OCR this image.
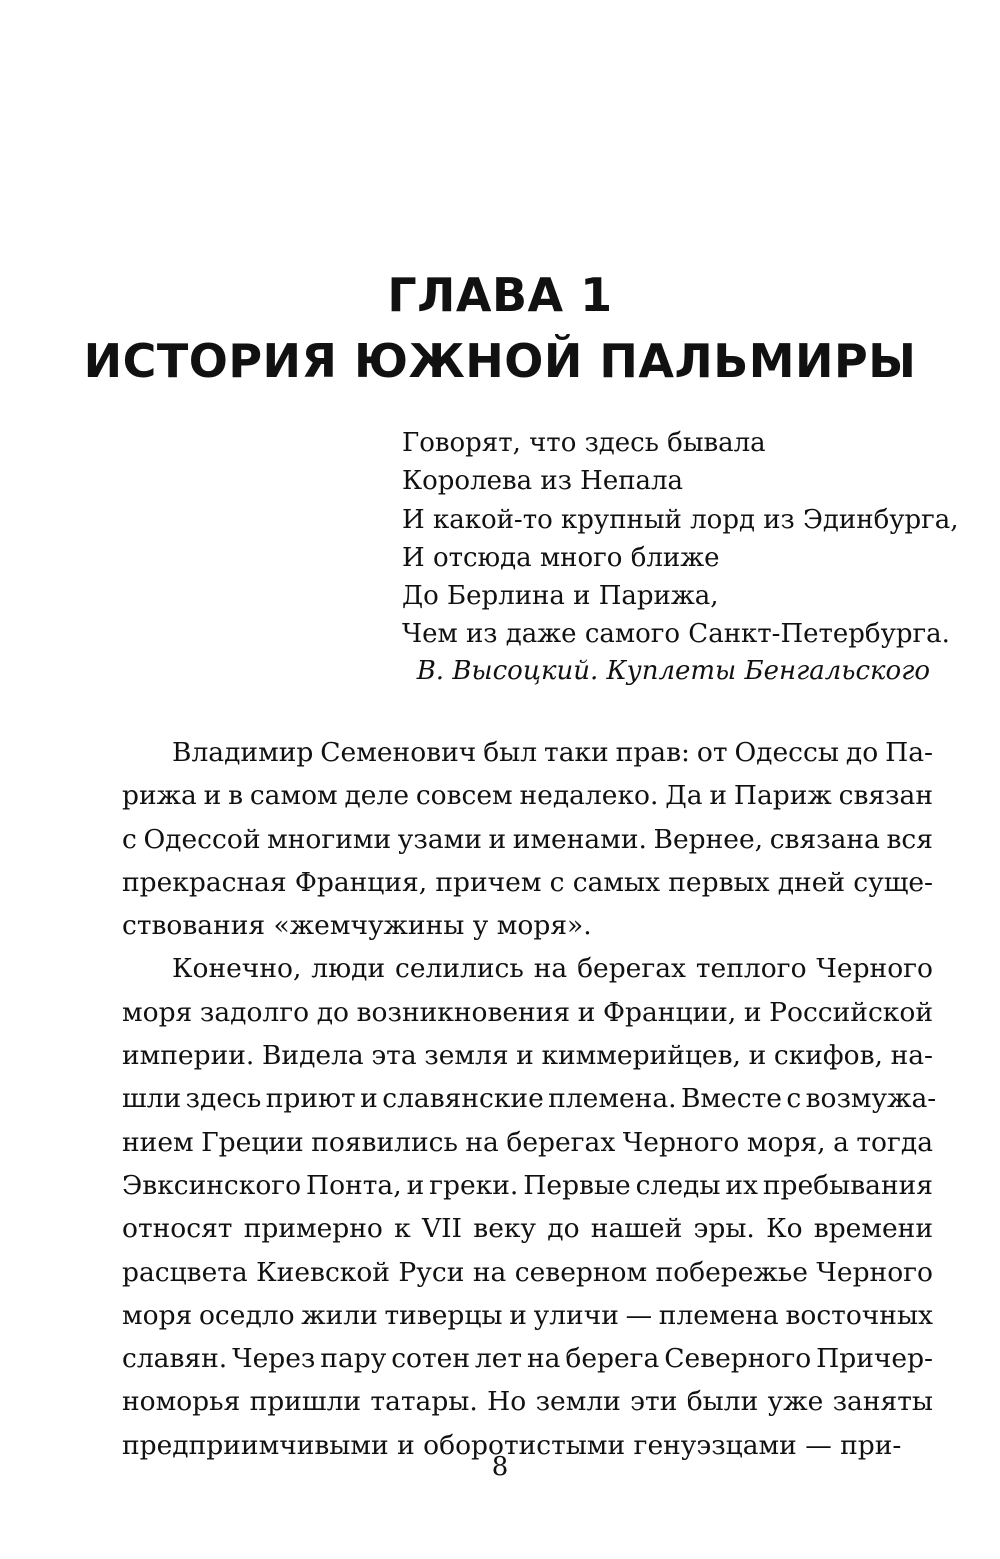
ГЛАВА 1
ИСТОРИЯ ЮЖНОЙ ПАЛЬМИРЫ
Говорят, что здесь бывала
Королева из Непала
И какой-то крупный лорд из Эдинбурга,
И отсюда много ближе
До Берлина и Парижа,
Чем из даже самого Санкт-Петербурга.
В. Высоцкий. Куплеты Бенгальского
Владимир Семенович был таки прав: от Одессы до Па-
рижа и в самом деле совсем недалеко. Да и Париж связан
с Одессой многими узами и именами. Вернее, связана вся
прекрасная Франция, причем с самых первых дней суще-
ствования «жемчужины у моря».
Конечно, люди селились на берегах теплого Черного
моря задолго до возникновения и Франции, и Российской
империи. Видела эта земля и киммерийцев, и скифов, на-
шли здесь приют и славянские племена. Вместе с возмужа-
нием Греции появились на берегах Черного моря, а тогда
Эвксинского Понта, и греки. Первые следы их пребывания
относят примерно к VII веку до нашей эры. Ко времени
расцвета Киевской Руси на северном побережье Черного
моря оседло жили тиверцы и уличи — племена восточных
славян. Через пару сотен лет на берега Северного Причер-
номорья пришли татары. Но земли эти были уже заняты
предприимчивыми и оборотистыми генуэзцами — при-
8
